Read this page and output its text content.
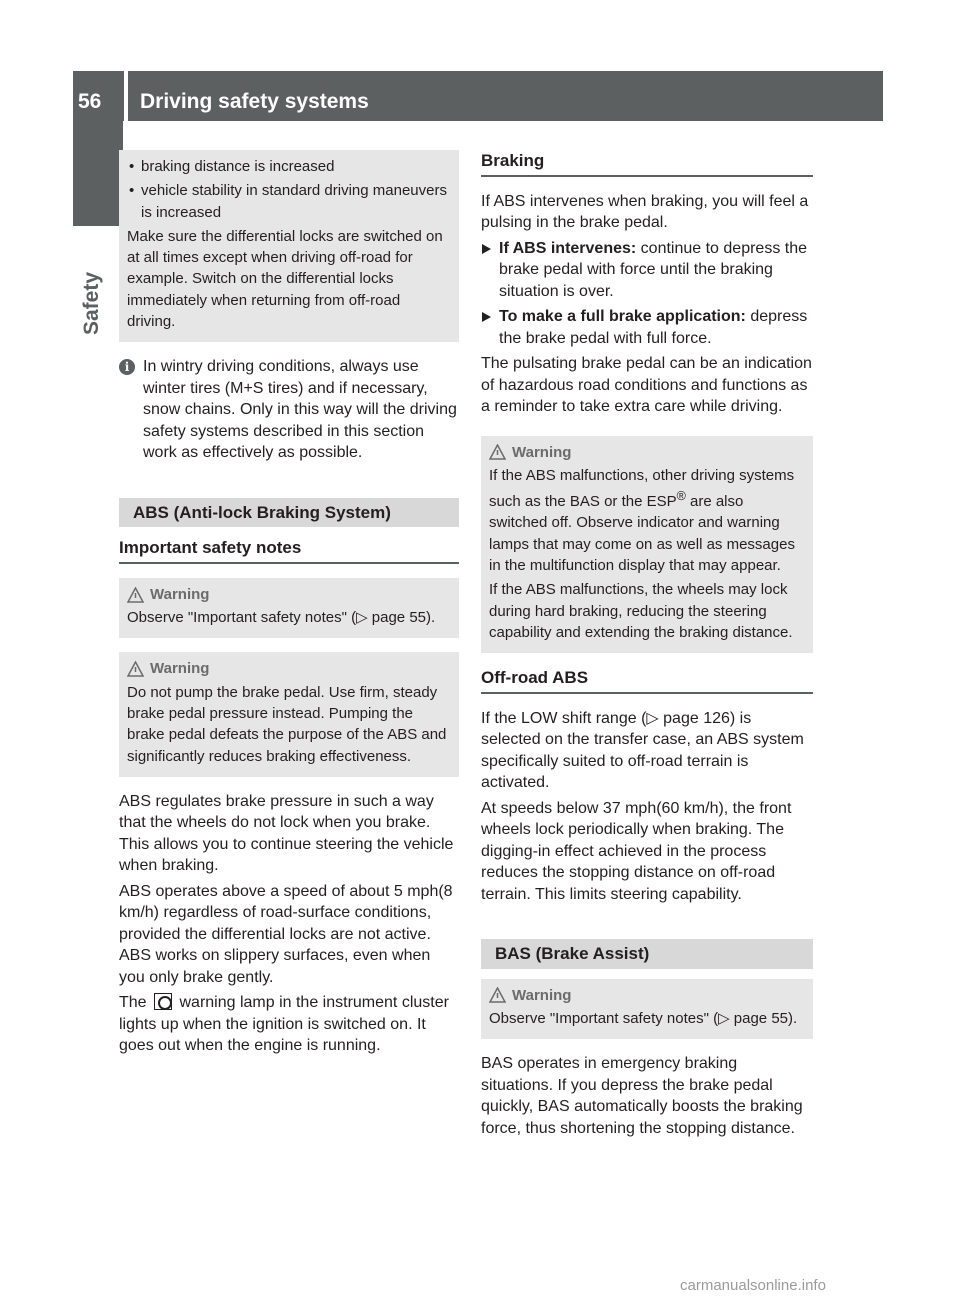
56 Driving safety systems
Safety

• braking distance is increased

• vehicle stability in standard driving maneuvers is increased

Make sure the differential locks are switched on at all times except when driving off-road for example. Switch on the differential locks immediately when returning from off-road driving.

i In wintry driving conditions, always use winter tires (M+S tires) and if necessary, snow chains. Only in this way will the driving safety systems described in this section work as effectively as possible.
ABS (Anti-lock Braking System)
Important safety notes
Warning

Observe "Important safety notes" (▷ page 55).

Warning

Do not pump the brake pedal. Use firm, steady brake pedal pressure instead. Pumping the brake pedal defeats the purpose of the ABS and significantly reduces braking effectiveness.

ABS regulates brake pressure in such a way that the wheels do not lock when you brake. This allows you to continue steering the vehicle when braking.

ABS operates above a speed of about 5 mph(8 km/h) regardless of road-surface conditions, provided the differential locks are not active. ABS works on slippery surfaces, even when you only brake gently.

The warning lamp in the instrument cluster lights up when the ignition is switched on. It goes out when the engine is running.

Braking

If ABS intervenes when braking, you will feel a pulsing in the brake pedal.

If ABS intervenes: continue to depress the brake pedal with force until the braking situation is over.

To make a full brake application: depress the brake pedal with full force.

The pulsating brake pedal can be an indication of hazardous road conditions and functions as a reminder to take extra care while driving.

Warning

If the ABS malfunctions, other driving systems such as the BAS or the ESP® are also switched off. Observe indicator and warning lamps that may come on as well as messages in the multifunction display that may appear.

If the ABS malfunctions, the wheels may lock during hard braking, reducing the steering capability and extending the braking distance.

Off-road ABS

If the LOW shift range (▷ page 126) is selected on the transfer case, an ABS system specifically suited to off-road terrain is activated.

At speeds below 37 mph(60 km/h), the front wheels lock periodically when braking. The digging-in effect achieved in the process reduces the stopping distance on off-road terrain. This limits steering capability.

BAS (Brake Assist)
Warning

Observe "Important safety notes" (▷ page 55).

BAS operates in emergency braking situations. If you depress the brake pedal quickly, BAS automatically boosts the braking force, thus shortening the stopping distance.

carmanualsonline.info
